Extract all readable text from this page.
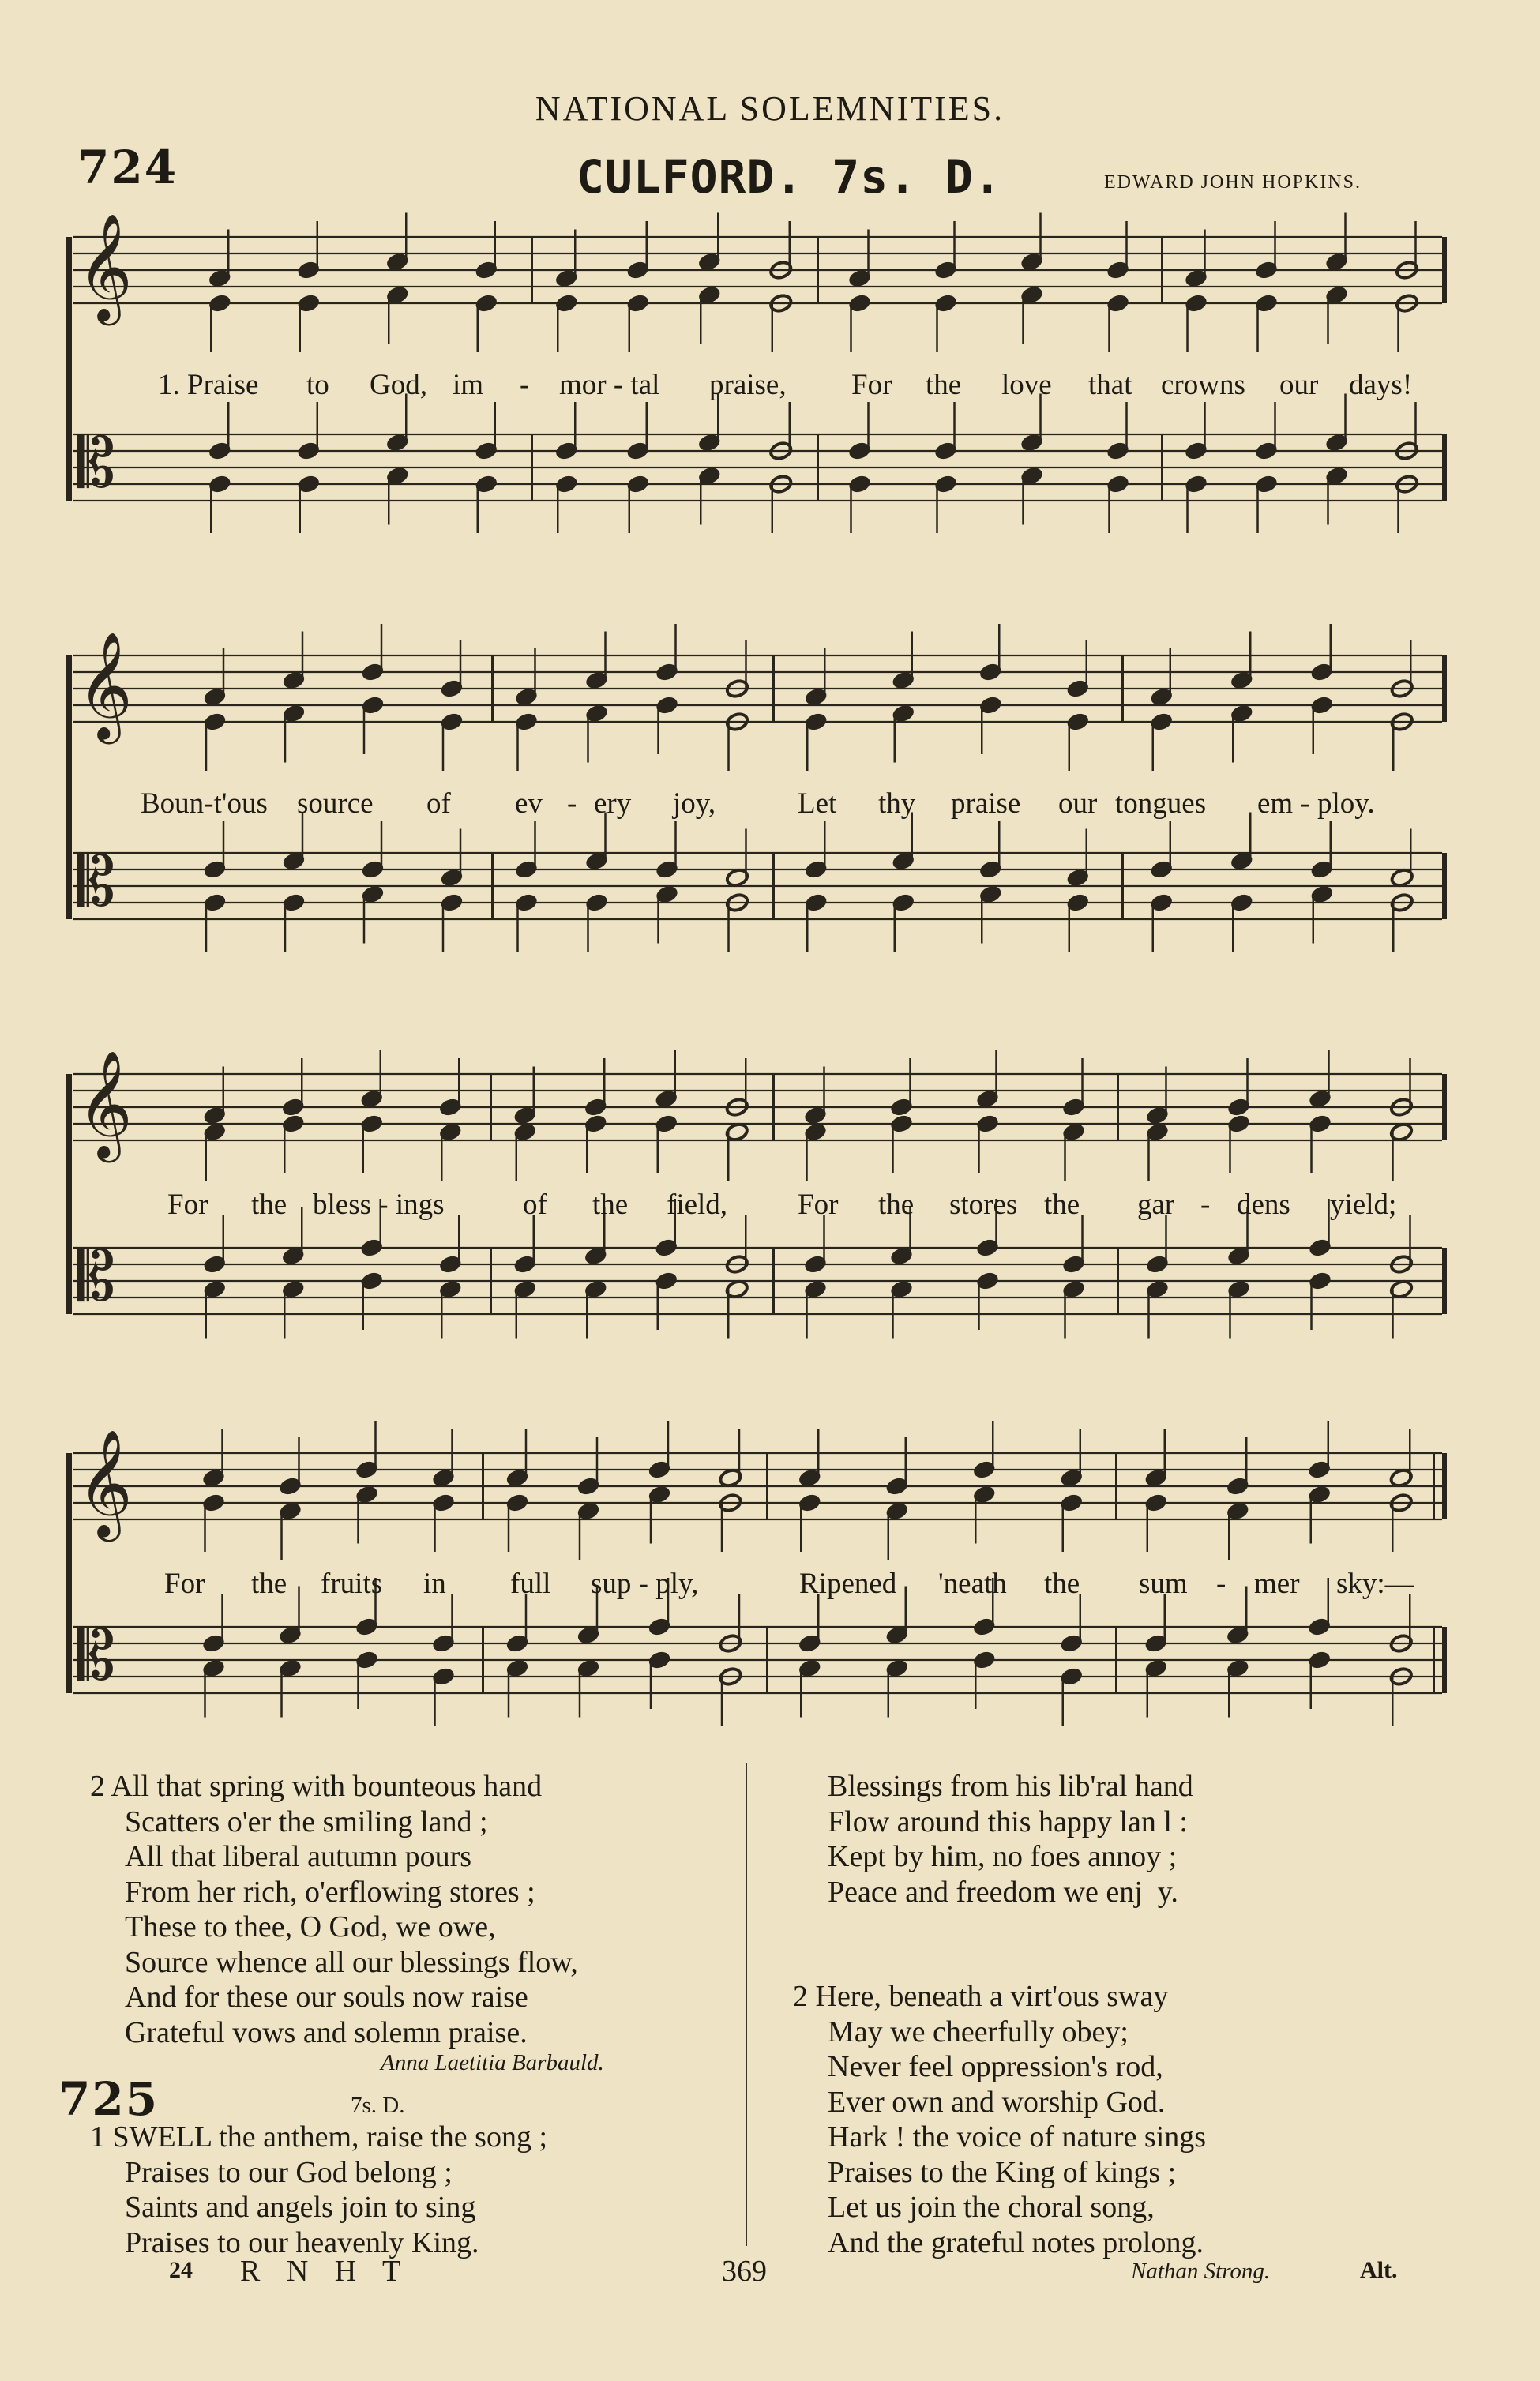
NATIONAL SOLEMNITIES.
724	CULFORD. 7s. D.	EDWARD JOHN HOPKINS.
𝄞
𝄡
𝄞
𝄡
𝄞
𝄡
𝄞
𝄡
1. Praise to God, im - mor - tal praise, For the love that crowns our days!
Boun-t'ous source of ev - ery joy,	Let thy praise our tongues em - ploy.
For the bless - ings	of the field, For the stores the gar - dens yield;
For the fruits in full sup - ply,	Ripened 'neath the sum - mer sky:—
2 All that spring with bounteous hand
Scatters o'er the smiling land ;
All that liberal autumn pours
From her rich, o'erflowing stores ;
These to thee, O God, we owe,
Source whence all our blessings flow,
And for these our souls now raise
Grateful vows and solemn praise.
Anna Laetitia Barbauld.
725	7s. D.
1 SWELL the anthem, raise the song ;
Praises to our God belong ;
Saints and angels join to sing
Praises to our heavenly King.
Blessings from his lib'ral hand
Flow around this happy lan l :
Kept by him, no foes annoy ;
Peace and freedom we enj  y.
2 Here, beneath a virt'ous sway
May we cheerfully obey;
Never feel oppression's rod,
Ever own and worship God.
Hark ! the voice of nature sings
Praises to the King of kings ;
Let us join the choral song,
And the grateful notes prolong.
Nathan Strong.	Alt.
24 R N H T	369
